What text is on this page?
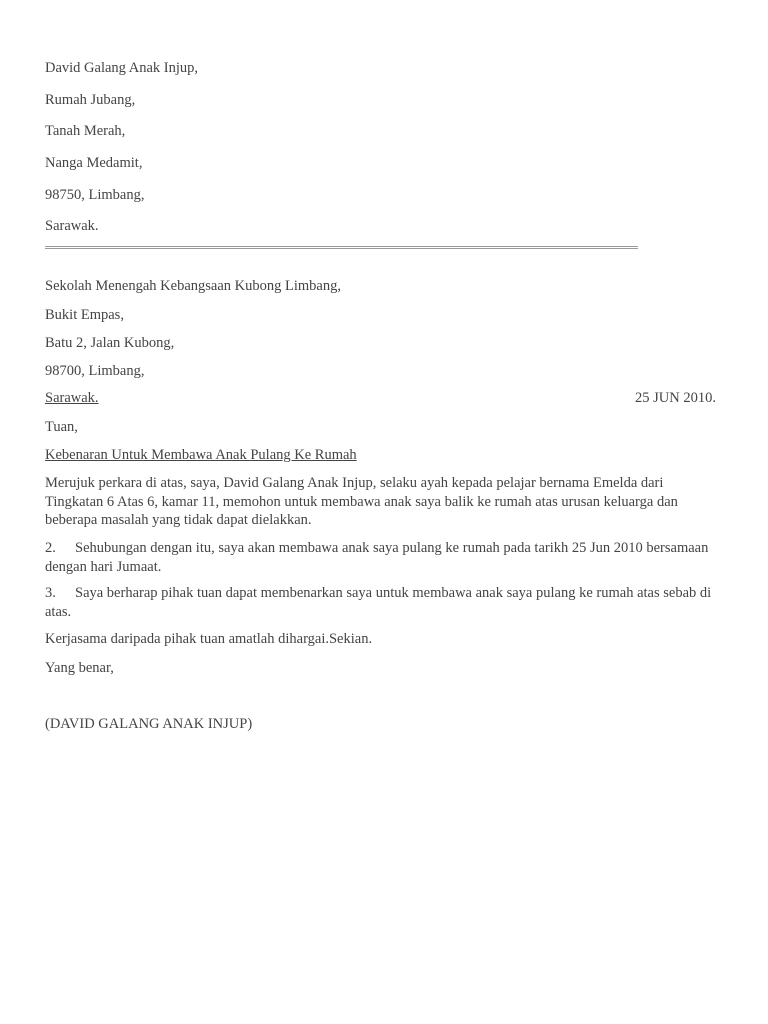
David Galang Anak Injup,
Rumah Jubang,
Tanah Merah,
Nanga Medamit,
98750, Limbang,
Sarawak.
Sekolah Menengah Kebangsaan Kubong Limbang,
Bukit Empas,
Batu 2, Jalan Kubong,
98700, Limbang,
Sarawak.	25 JUN 2010.
Tuan,
Kebenaran Untuk Membawa Anak Pulang Ke Rumah
Merujuk perkara di atas, saya, David Galang Anak Injup, selaku ayah kepada pelajar bernama Emelda dari Tingkatan 6 Atas 6, kamar 11, memohon untuk membawa anak saya balik ke rumah atas urusan keluarga dan beberapa masalah yang tidak dapat dielakkan.
2. Sehubungan dengan itu, saya akan membawa anak saya pulang ke rumah pada tarikh 25 Jun 2010 bersamaan dengan hari Jumaat.
3. Saya berharap pihak tuan dapat membenarkan saya untuk membawa anak saya pulang ke rumah atas sebab di atas.
Kerjasama daripada pihak tuan amatlah dihargai.Sekian.
Yang benar,
(DAVID GALANG ANAK INJUP)
